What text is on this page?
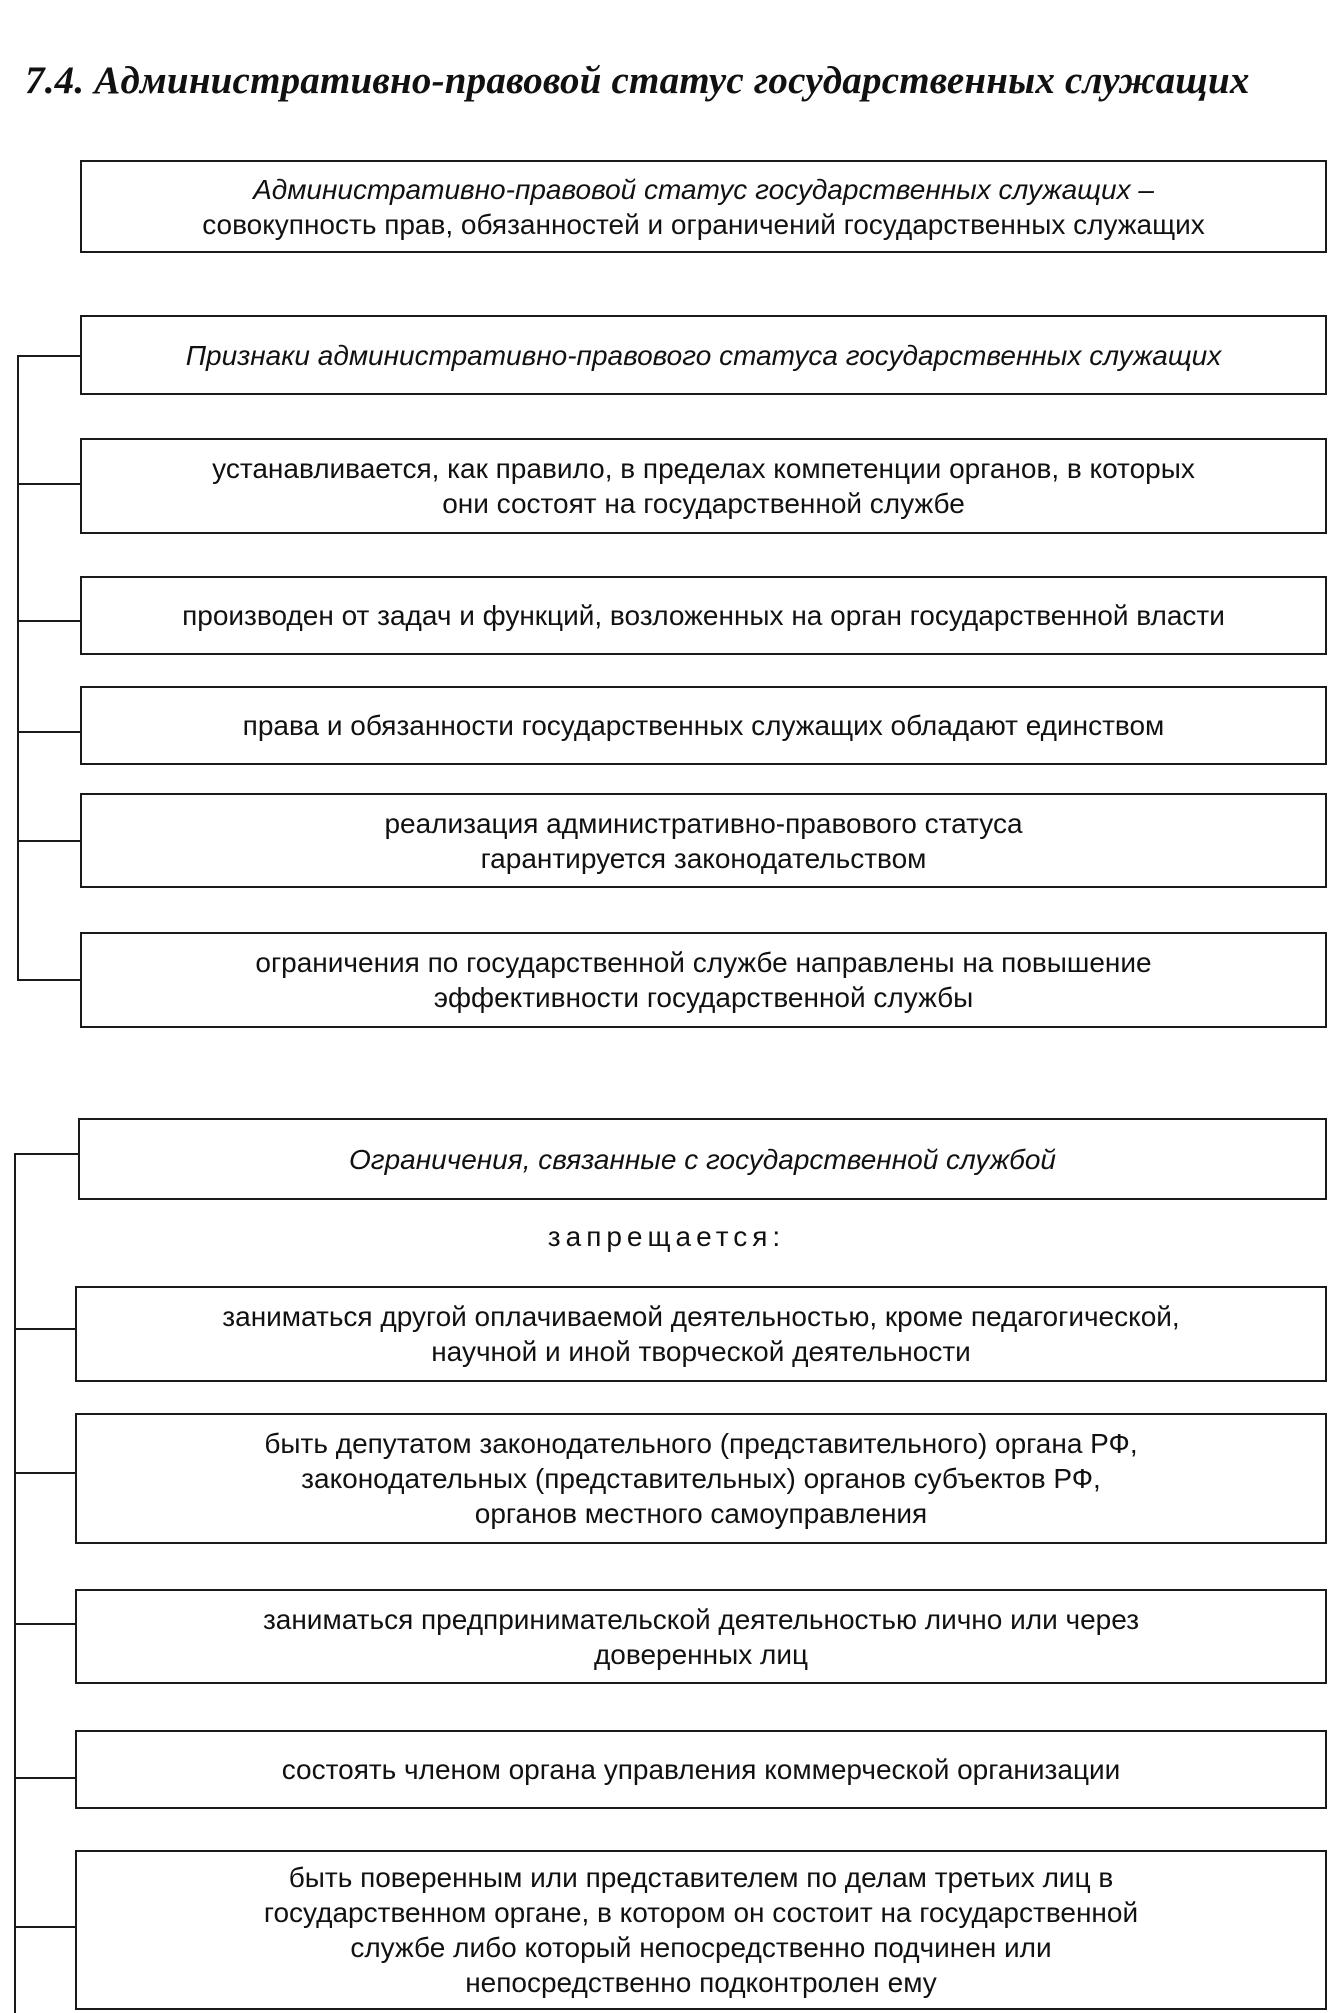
7.4. Административно-правовой статус государственных служащих
Административно-правовой статус государственных служащих –
совокупность прав, обязанностей и ограничений государственных служащих
Признаки административно-правового статуса государственных служащих
устанавливается, как правило, в пределах компетенции органов, в которых
они состоят на государственной службе
производен от задач и функций, возложенных на орган государственной власти
права и обязанности государственных служащих обладают единством
реализация административно-правового статуса
гарантируется законодательством
ограничения по государственной службе направлены на повышение
эффективности государственной службы
Ограничения, связанные с государственной службой
запрещается:
заниматься другой оплачиваемой деятельностью, кроме педагогической,
научной и иной творческой деятельности
быть депутатом законодательного (представительного) органа РФ,
законодательных (представительных) органов субъектов РФ,
органов местного самоуправления
заниматься предпринимательской деятельностью лично или через
доверенных лиц
состоять членом органа управления коммерческой организации
быть поверенным или представителем по делам третьих лиц в
государственном органе, в котором он состоит на государственной
службе либо который непосредственно подчинен или
непосредственно подконтролен ему
